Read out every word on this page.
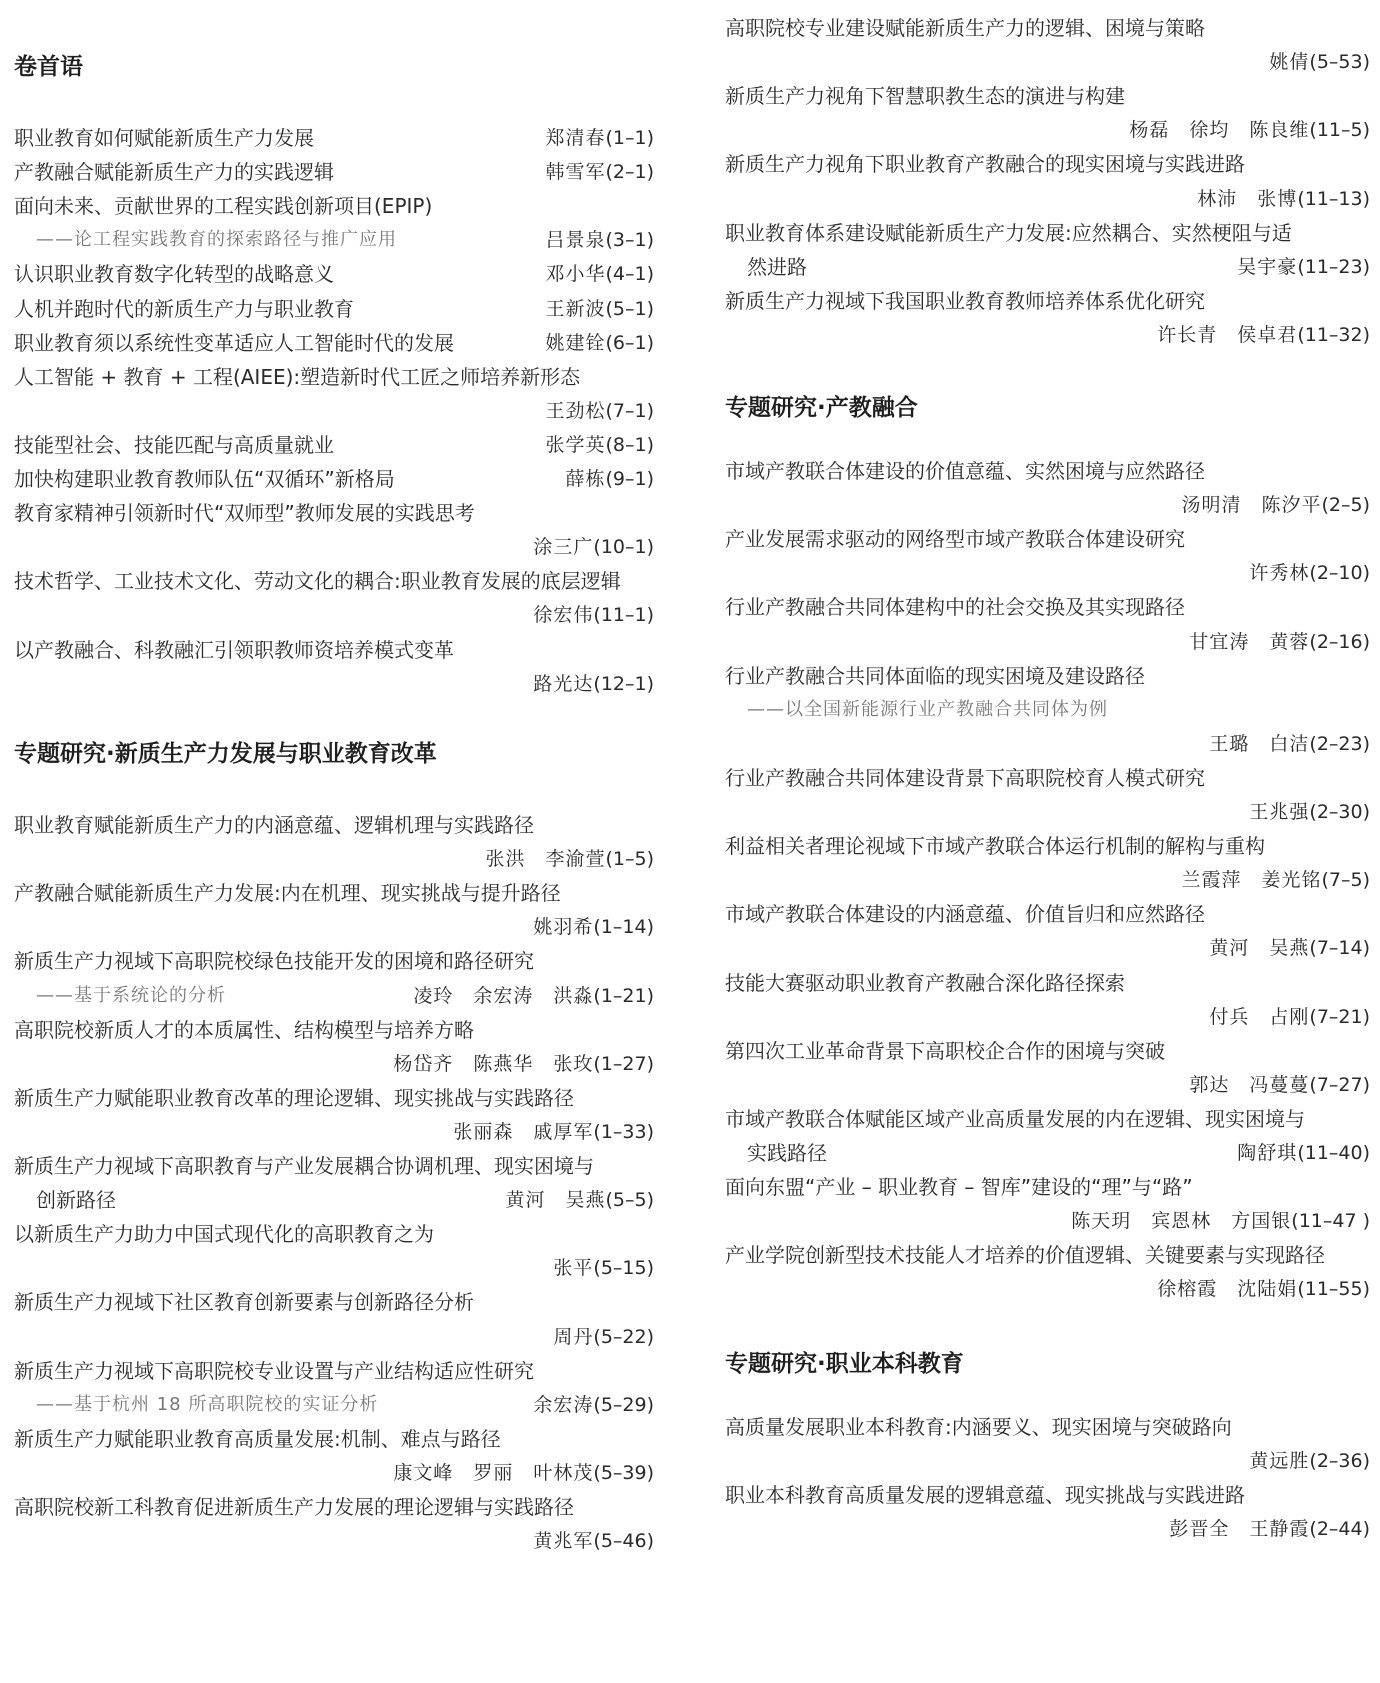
卷首语
职业教育如何赋能新质生产力发展	郑清春(1–1)
产教融合赋能新质生产力的实践逻辑	韩雪军(2–1)
面向未来、贡献世界的工程实践创新项目(EPIP)
——论工程实践教育的探索路径与推广应用	吕景泉(3–1)
认识职业教育数字化转型的战略意义	邓小华(4–1)
人机并跑时代的新质生产力与职业教育	王新波(5–1)
职业教育须以系统性变革适应人工智能时代的发展	姚建铨(6–1)
人工智能 + 教育 + 工程(AIEE):塑造新时代工匠之师培养新形态
王劲松(7–1)
技能型社会、技能匹配与高质量就业	张学英(8–1)
加快构建职业教育教师队伍“双循环”新格局	薛栋(9–1)
教育家精神引领新时代“双师型”教师发展的实践思考
涂三广(10–1)
技术哲学、工业技术文化、劳动文化的耦合:职业教育发展的底层逻辑
徐宏伟(11–1)
以产教融合、科教融汇引领职教师资培养模式变革
路光达(12–1)
专题研究·新质生产力发展与职业教育改革
职业教育赋能新质生产力的内涵意蕴、逻辑机理与实践路径
张洪　李渝萱(1–5)
产教融合赋能新质生产力发展:内在机理、现实挑战与提升路径
姚羽希(1–14)
新质生产力视域下高职院校绿色技能开发的困境和路径研究
——基于系统论的分析	凌玲　余宏涛　洪淼(1–21)
高职院校新质人才的本质属性、结构模型与培养方略
杨岱齐　陈燕华　张玫(1–27)
新质生产力赋能职业教育改革的理论逻辑、现实挑战与实践路径
张丽森　戚厚军(1–33)
新质生产力视域下高职教育与产业发展耦合协调机理、现实困境与
创新路径	黄河　吴燕(5–5)
以新质生产力助力中国式现代化的高职教育之为
张平(5–15)
新质生产力视域下社区教育创新要素与创新路径分析
周丹(5–22)
新质生产力视域下高职院校专业设置与产业结构适应性研究
——基于杭州 18 所高职院校的实证分析	余宏涛(5–29)
新质生产力赋能职业教育高质量发展:机制、难点与路径
康文峰　罗丽　叶林茂(5–39)
高职院校新工科教育促进新质生产力发展的理论逻辑与实践路径
黄兆军(5–46)
高职院校专业建设赋能新质生产力的逻辑、困境与策略
姚倩(5–53)
新质生产力视角下智慧职教生态的演进与构建
杨磊　徐均　陈良维(11–5)
新质生产力视角下职业教育产教融合的现实困境与实践进路
林沛　张博(11–13)
职业教育体系建设赋能新质生产力发展:应然耦合、实然梗阻与适
然进路	吴宇豪(11–23)
新质生产力视域下我国职业教育教师培养体系优化研究
许长青　侯卓君(11–32)
专题研究·产教融合
市域产教联合体建设的价值意蕴、实然困境与应然路径
汤明清　陈汐平(2–5)
产业发展需求驱动的网络型市域产教联合体建设研究
许秀林(2–10)
行业产教融合共同体建构中的社会交换及其实现路径
甘宜涛　黄蓉(2–16)
行业产教融合共同体面临的现实困境及建设路径
——以全国新能源行业产教融合共同体为例
王璐　白洁(2–23)
行业产教融合共同体建设背景下高职院校育人模式研究
王兆强(2–30)
利益相关者理论视域下市域产教联合体运行机制的解构与重构
兰霞萍　姜光铭(7–5)
市域产教联合体建设的内涵意蕴、价值旨归和应然路径
黄河　吴燕(7–14)
技能大赛驱动职业教育产教融合深化路径探索
付兵　占刚(7–21)
第四次工业革命背景下高职校企合作的困境与突破
郭达　冯蔓蔓(7–27)
市域产教联合体赋能区域产业高质量发展的内在逻辑、现实困境与
实践路径	陶舒琪(11–40)
面向东盟“产业 – 职业教育 – 智库”建设的“理”与“路”
陈天玥　宾恩林　方国银(11–47 )
产业学院创新型技术技能人才培养的价值逻辑、关键要素与实现路径
徐榕霞　沈陆娟(11–55)
专题研究·职业本科教育
高质量发展职业本科教育:内涵要义、现实困境与突破路向
黄远胜(2–36)
职业本科教育高质量发展的逻辑意蕴、现实挑战与实践进路
彭晋全　王静霞(2–44)
